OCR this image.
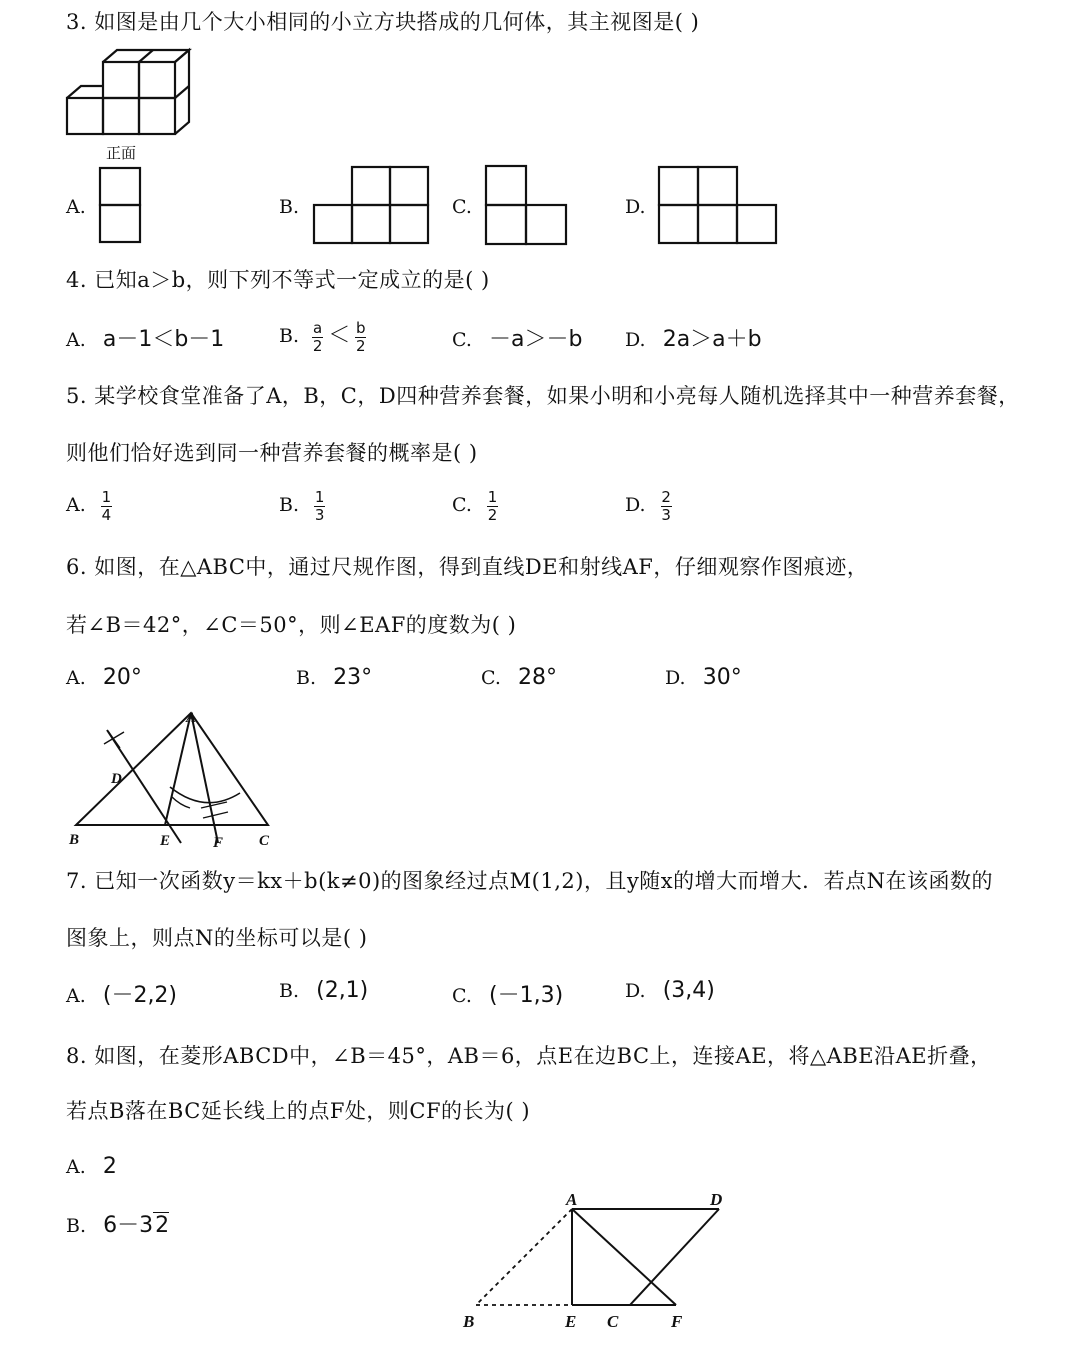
3. 如图是由几个大小相同的小立方块搭成的几何体，其主视图是( )
A
D
B	E	F C
A	D
B	E C	F
正面
A.	B.	C.	D.
4. 已知a＞b，则下列不等式一定成立的是( )
A. a－1＜b－1	B. $\frac{a}{2} < \frac{b}{2}$	C. －a＞－b D. 2a＞a＋b
5. 某学校食堂准备了A，B，C，D四种营养套餐，如果小明和小亮每人随机选择其中一种营养套餐，
则他们恰好选到同一种营养套餐的概率是( )
A. $\frac{1}{4}$	B. $\frac{1}{3}$	C. $\frac{1}{2}$	D. $\frac{2}{3}$
6. 如图，在△ABC中，通过尺规作图，得到直线DE和射线AF，仔细观察作图痕迹，
若∠B＝42°，∠C＝50°，则∠EAF的度数为( )
A. 20°	B. 23°	C. 28°	D. 30°
7. 已知一次函数y＝kx＋b(k≠0)的图象经过点M(1,2)，且y随x的增大而增大．若点N在该函数的
图象上，则点N的坐标可以是( )
A. (－2,2)	B. (2,1)	C. (－1,3)	D. (3,4)
8. 如图，在菱形ABCD中，∠B＝45°，AB＝6，点E在边BC上，连接AE，将△ABE沿AE折叠，
若点B落在BC延长线上的点F处，则CF的长为( )
A. 2
B. 6－32
